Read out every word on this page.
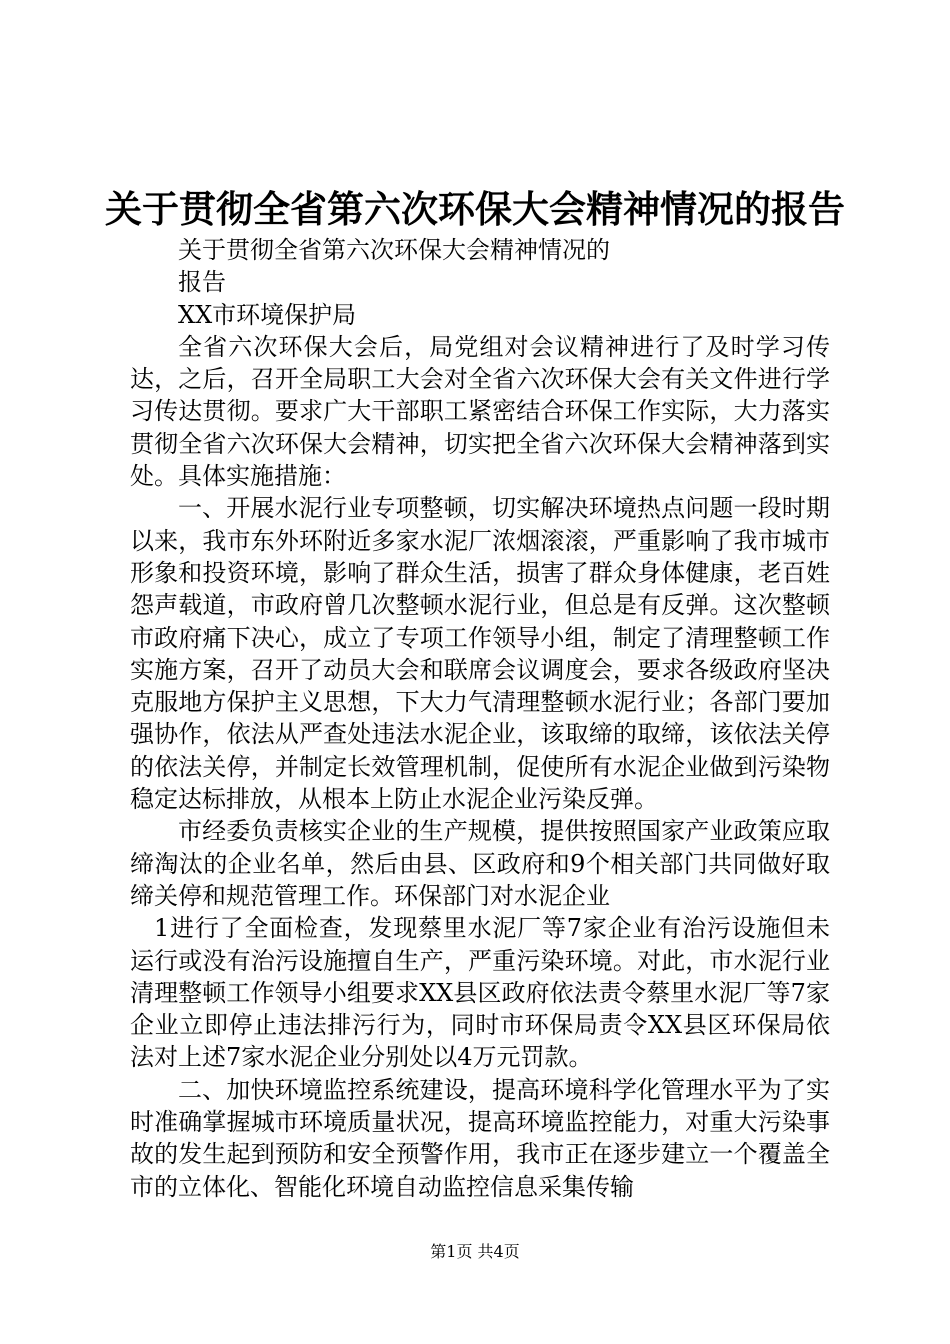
关于贯彻全省第六次环保大会精神情况的报告

关于贯彻全省第六次环保大会精神情况的

报告

XX市环境保护局

全省六次环保大会后，局党组对会议精神进行了及时学习传达，之后，召开全局职工大会对全省六次环保大会有关文件进行学习传达贯彻。要求广大干部职工紧密结合环保工作实际，大力落实贯彻全省六次环保大会精神，切实把全省六次环保大会精神落到实处。具体实施措施：

一、开展水泥行业专项整顿，切实解决环境热点问题一段时期以来，我市东外环附近多家水泥厂浓烟滚滚，严重影响了我市城市形象和投资环境，影响了群众生活，损害了群众身体健康，老百姓怨声载道，市政府曾几次整顿水泥行业，但总是有反弹。这次整顿市政府痛下决心，成立了专项工作领导小组，制定了清理整顿工作实施方案，召开了动员大会和联席会议调度会，要求各级政府坚决克服地方保护主义思想，下大力气清理整顿水泥行业；各部门要加强协作，依法从严查处违法水泥企业，该取缔的取缔，该依法关停的依法关停，并制定长效管理机制，促使所有水泥企业做到污染物稳定达标排放，从根本上防止水泥企业污染反弹。

市经委负责核实企业的生产规模，提供按照国家产业政策应取缔淘汰的企业名单，然后由县、区政府和9个相关部门共同做好取缔关停和规范管理工作。环保部门对水泥企业

1进行了全面检查，发现蔡里水泥厂等7家企业有治污设施但未运行或没有治污设施擅自生产，严重污染环境。对此，市水泥行业清理整顿工作领导小组要求XX县区政府依法责令蔡里水泥厂等7家企业立即停止违法排污行为，同时市环保局责令XX县区环保局依法对上述7家水泥企业分别处以4万元罚款。

二、加快环境监控系统建设，提高环境科学化管理水平为了实时准确掌握城市环境质量状况，提高环境监控能力，对重大污染事故的发生起到预防和安全预警作用，我市正在逐步建立一个覆盖全市的立体化、智能化环境自动监控信息采集传输

第1页 共4页
